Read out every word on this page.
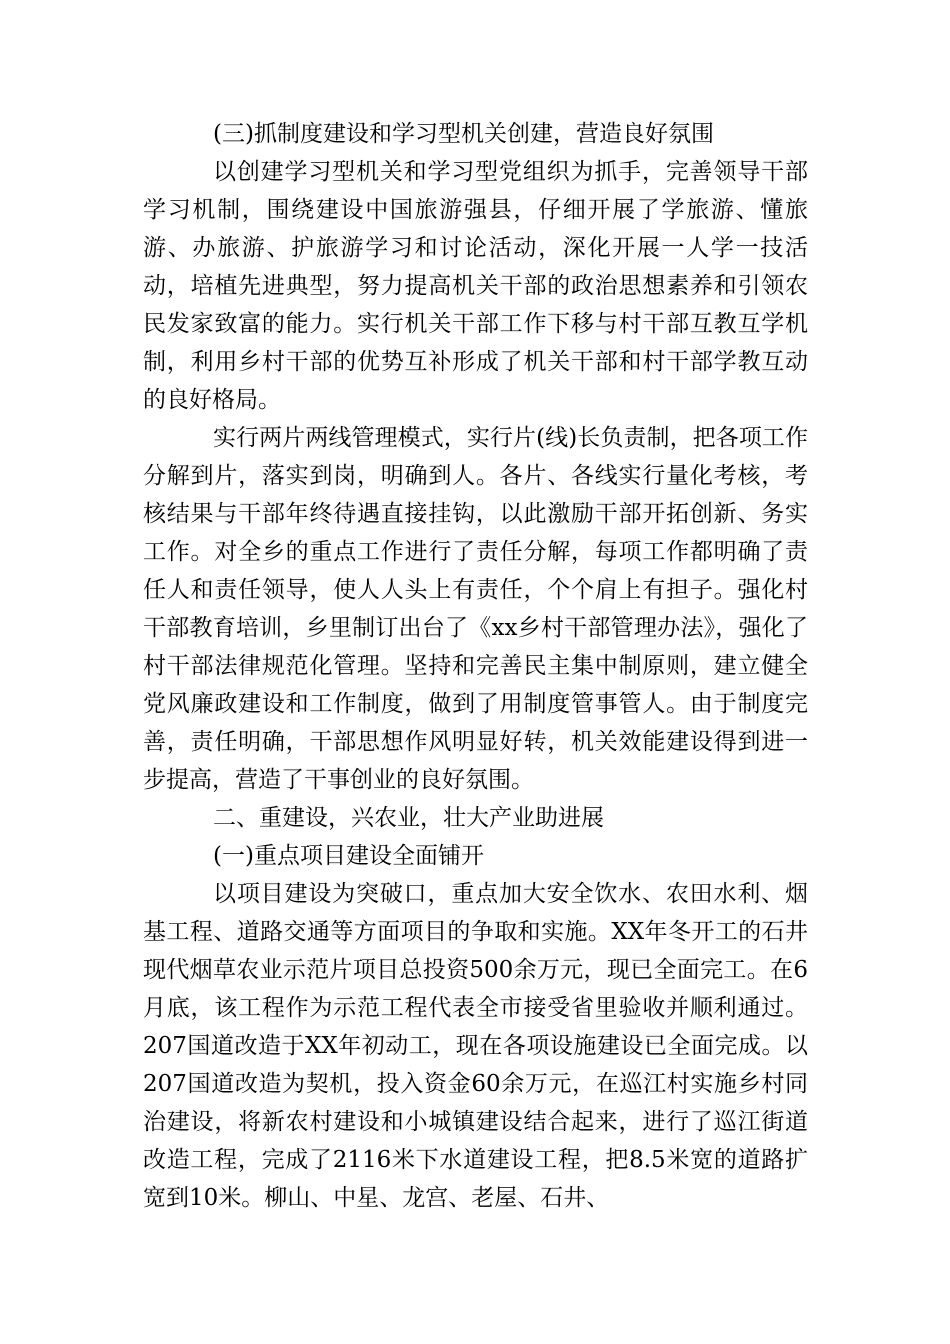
(三)抓制度建设和学习型机关创建，营造良好氛围

以创建学习型机关和学习型党组织为抓手，完善领导干部学习机制，围绕建设中国旅游强县，仔细开展了学旅游、懂旅游、办旅游、护旅游学习和讨论活动，深化开展一人学一技活动，培植先进典型，努力提高机关干部的政治思想素养和引领农民发家致富的能力。实行机关干部工作下移与村干部互教互学机制，利用乡村干部的优势互补形成了机关干部和村干部学教互动的良好格局。

实行两片两线管理模式，实行片(线)长负责制，把各项工作分解到片，落实到岗，明确到人。各片、各线实行量化考核，考核结果与干部年终待遇直接挂钩，以此激励干部开拓创新、务实工作。对全乡的重点工作进行了责任分解，每项工作都明确了责任人和责任领导，使人人头上有责任，个个肩上有担子。强化村干部教育培训，乡里制订出台了《xx乡村干部管理办法》，强化了村干部法律规范化管理。坚持和完善民主集中制原则，建立健全党风廉政建设和工作制度，做到了用制度管事管人。由于制度完善，责任明确，干部思想作风明显好转，机关效能建设得到进一步提高，营造了干事创业的良好氛围。

二、重建设，兴农业，壮大产业助进展

(一)重点项目建设全面铺开

以项目建设为突破口，重点加大安全饮水、农田水利、烟基工程、道路交通等方面项目的争取和实施。XX年冬开工的石井现代烟草农业示范片项目总投资500余万元，现已全面完工。在6月底，该工程作为示范工程代表全市接受省里验收并顺利通过。207国道改造于XX年初动工，现在各项设施建设已全面完成。以207国道改造为契机，投入资金60余万元，在巡江村实施乡村同治建设，将新农村建设和小城镇建设结合起来，进行了巡江街道改造工程，完成了2116米下水道建设工程，把8.5米宽的道路扩宽到10米。柳山、中星、龙宫、老屋、石井、
